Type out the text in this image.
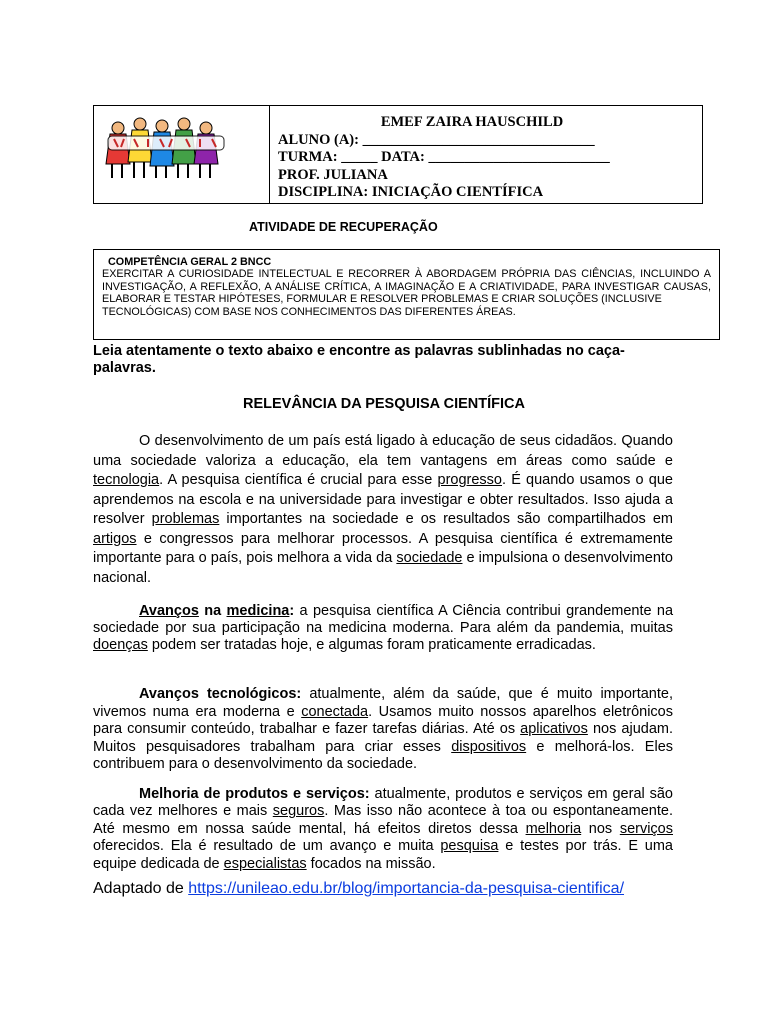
EMEF ZAIRA HAUSCHILD
ALUNO (A): ________________________________
TURMA: _____ DATA: _________________________
PROF. JULIANA
DISCIPLINA: INICIAÇÃO CIENTÍFICA
ATIVIDADE DE RECUPERAÇÃO
COMPETÊNCIA GERAL 2 BNCC
EXERCITAR A CURIOSIDADE INTELECTUAL E RECORRER À ABORDAGEM PRÓPRIA DAS CIÊNCIAS, INCLUINDO A INVESTIGAÇÃO, A REFLEXÃO, A ANÁLISE CRÍTICA, A IMAGINAÇÃO E A CRIATIVIDADE, PARA INVESTIGAR CAUSAS, ELABORAR E TESTAR HIPÓTESES, FORMULAR E RESOLVER PROBLEMAS E CRIAR SOLUÇÕES (INCLUSIVE
TECNOLÓGICAS) COM BASE NOS CONHECIMENTOS DAS DIFERENTES ÁREAS.
Leia atentamente o texto abaixo e encontre as palavras sublinhadas no caça-palavras.
RELEVÂNCIA DA PESQUISA CIENTÍFICA

O desenvolvimento de um país está ligado à educação de seus cidadãos. Quando uma sociedade valoriza a educação, ela tem vantagens em áreas como saúde e tecnologia. A pesquisa científica é crucial para esse progresso. É quando usamos o que aprendemos na escola e na universidade para investigar e obter resultados. Isso ajuda a resolver problemas importantes na sociedade e os resultados são compartilhados em artigos e congressos para melhorar processos. A pesquisa científica é extremamente importante para o país, pois melhora a vida da sociedade e impulsiona o desenvolvimento nacional.

Avanços na medicina: a pesquisa científica A Ciência contribui grandemente na sociedade por sua participação na medicina moderna. Para além da pandemia, muitas doenças podem ser tratadas hoje, e algumas foram praticamente erradicadas.

Avanços tecnológicos: atualmente, além da saúde, que é muito importante, vivemos numa era moderna e conectada. Usamos muito nossos aparelhos eletrônicos para consumir conteúdo, trabalhar e fazer tarefas diárias. Até os aplicativos nos ajudam. Muitos pesquisadores trabalham para criar esses dispositivos e melhorá-los. Eles contribuem para o desenvolvimento da sociedade.

Melhoria de produtos e serviços: atualmente, produtos e serviços em geral são cada vez melhores e mais seguros. Mas isso não acontece à toa ou espontaneamente. Até mesmo em nossa saúde mental, há efeitos diretos dessa melhoria nos serviços oferecidos. Ela é resultado de um avanço e muita pesquisa e testes por trás. E uma equipe dedicada de especialistas focados na missão.

Adaptado de https://unileao.edu.br/blog/importancia-da-pesquisa-cientifica/
